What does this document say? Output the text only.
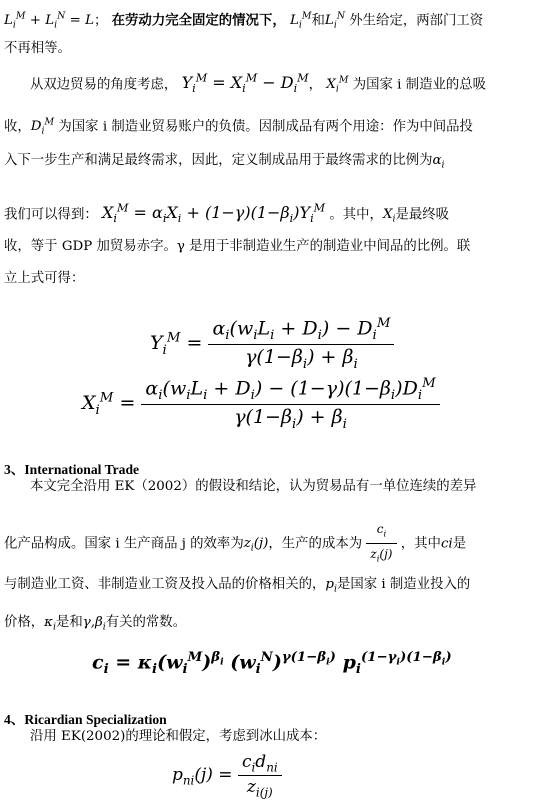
$L_i^M + L_i^N = L$； 在劳动力完全固定的情况下， $L_i^M$和$L_i^N$ 外生给定，两部门工资
不再相等。
从双边贸易的角度考虑， $Y_i^M = X_i^M - D_i^M$， $X_i^M$ 为国家 i 制造业的总吸
收，$D_i^M$ 为国家 i 制造业贸易账户的负债。因制成品有两个用途：作为中间品投
入下一步生产和满足最终需求，因此，定义制成品用于最终需求的比例为$\alpha_i$
我们可以得到： $X_i^M = \alpha_iX_i + (1-\gamma)(1-\beta_i)Y_i^M$ 。其中，$X_i$是最终吸
收，等于 GDP 加贸易赤字。γ 是用于非制造业生产的制造业中间品的比例。联
立上式可得：
$Y_i^M = \frac{\alpha_i(w_iL_i + D_i) - D_i^M}{\gamma(1-\beta_i) + \beta_i}$
$X_i^M = \frac{\alpha_i(w_iL_i + D_i) - (1-\gamma)(1-\beta_i)D_i^M}{\gamma(1-\beta_i) + \beta_i}$
3、International Trade
本文完全沿用 EK（2002）的假设和结论，认为贸易品有一单位连续的差异
化产品构成。国家 i 生产商品 j 的效率为$z_i(j)$，生产的成本为 $\frac{c_i}{z_i(j)}$ ，其中ci是
与制造业工资、非制造业工资及投入品的价格相关的，$p_i$是国家 i 制造业投入的
价格，$\kappa_i$是和$\gamma,\beta_i$有关的常数。
$c_i = \kappa_i(w_i^M)^{\beta_i}$ $(w_i^N)^{\gamma(1-\beta_i)}$ $p_i^{(1-\gamma_i)(1-\beta_i)}$
4、Ricardian Specialization
沿用 EK(2002)的理论和假定，考虑到冰山成本：
$p_{ni}(j) = \frac{c_id_{ni}}{z_{i(j)}}$
